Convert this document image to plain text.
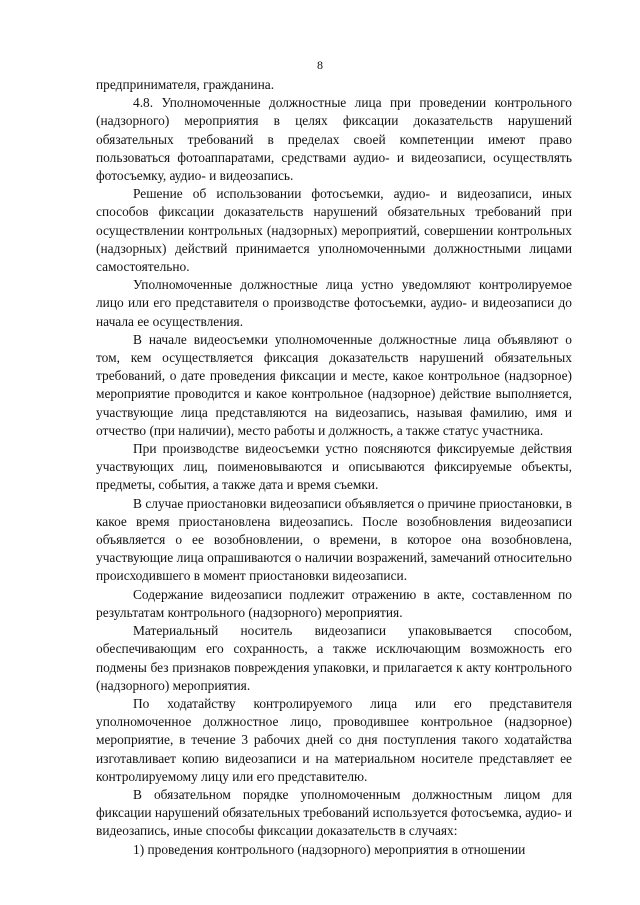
8

предпринимателя, гражданина.

4.8. Уполномоченные должностные лица при проведении контрольного (надзорного) мероприятия в целях фиксации доказательств нарушений обязательных требований в пределах своей компетенции имеют право пользоваться фотоаппаратами, средствами аудио- и видеозаписи, осуществлять фотосъемку, аудио- и видеозапись.

Решение об использовании фотосъемки, аудио- и видеозаписи, иных способов фиксации доказательств нарушений обязательных требований при осуществлении контрольных (надзорных) мероприятий, совершении контрольных (надзорных) действий принимается уполномоченными должностными лицами самостоятельно.

Уполномоченные должностные лица устно уведомляют контролируемое лицо или его представителя о производстве фотосъемки, аудио- и видеозаписи до начала ее осуществления.

В начале видеосъемки уполномоченные должностные лица объявляют о том, кем осуществляется фиксация доказательств нарушений обязательных требований, о дате проведения фиксации и месте, какое контрольное (надзорное) мероприятие проводится и какое контрольное (надзорное) действие выполняется, участвующие лица представляются на видеозапись, называя фамилию, имя и отчество (при наличии), место работы и должность, а также статус участника.

При производстве видеосъемки устно поясняются фиксируемые действия участвующих лиц, поименовываются и описываются фиксируемые объекты, предметы, события, а также дата и время съемки.

В случае приостановки видеозаписи объявляется о причине приостановки, в какое время приостановлена видеозапись. После возобновления видеозаписи объявляется о ее возобновлении, о времени, в которое она возобновлена, участвующие лица опрашиваются о наличии возражений, замечаний относительно происходившего в момент приостановки видеозаписи.

Содержание видеозаписи подлежит отражению в акте, составленном по результатам контрольного (надзорного) мероприятия.

Материальный носитель видеозаписи упаковывается способом, обеспечивающим его сохранность, а также исключающим возможность его подмены без признаков повреждения упаковки, и прилагается к акту контрольного (надзорного) мероприятия.

По ходатайству контролируемого лица или его представителя уполномоченное должностное лицо, проводившее контрольное (надзорное) мероприятие, в течение 3 рабочих дней со дня поступления такого ходатайства изготавливает копию видеозаписи и на материальном носителе представляет ее контролируемому лицу или его представителю.

В обязательном порядке уполномоченным должностным лицом для фиксации нарушений обязательных требований используется фотосъемка, аудио- и видеозапись, иные способы фиксации доказательств в случаях:

1) проведения контрольного (надзорного) мероприятия в отношении
